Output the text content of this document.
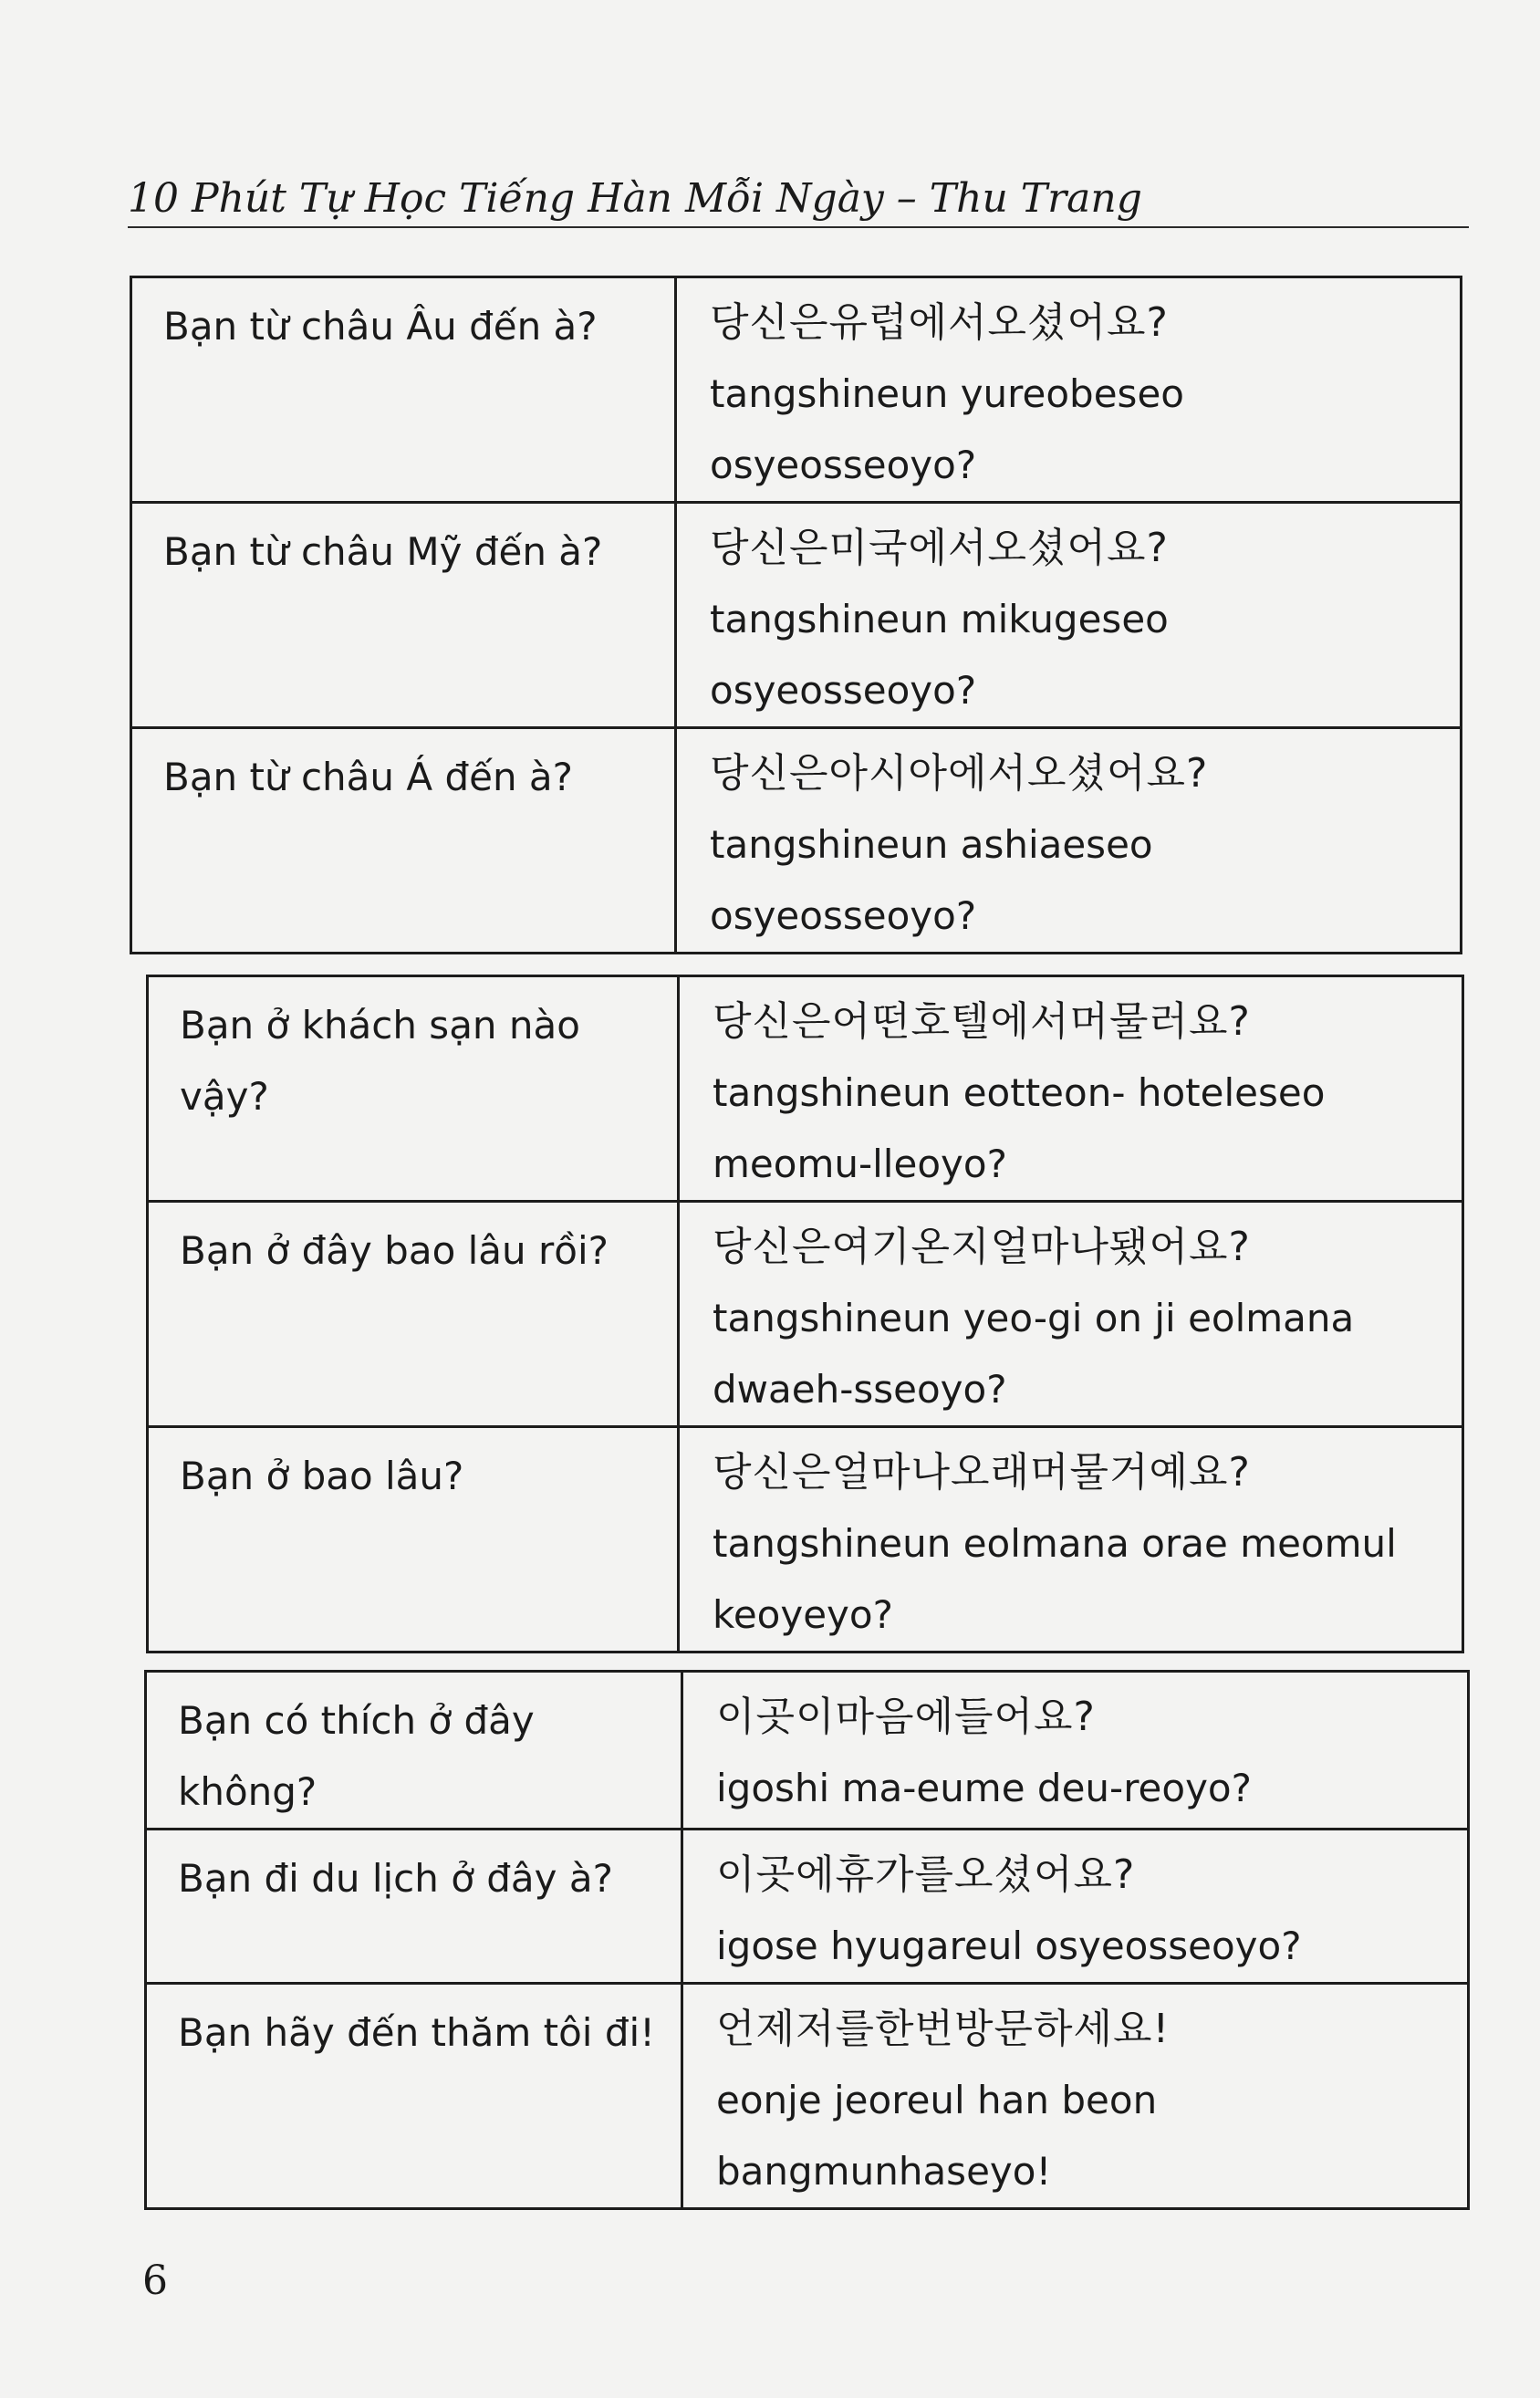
10 Phút Tự Học Tiếng Hàn Mỗi Ngày – Thu Trang
Bạn từ châu Âu đến à?	당신은유럽에서오셨어요?
tangshineun yureobeseo
osyeosseoyo?

Bạn từ châu Mỹ đến à?	당신은미국에서오셨어요?
tangshineun mikugeseo
osyeosseoyo?

Bạn từ châu Á đến à?	당신은아시아에서오셨어요?
tangshineun ashiaeseo
osyeosseoyo?
Bạn ở khách sạn nào vậy?	당신은어떤호텔에서머물러요?
tangshineun eotteon- hoteleseo
meomu-lleoyo?

Bạn ở đây bao lâu rồi?	당신은여기온지얼마나됐어요?
tangshineun yeo-gi on ji eolmana
dwaeh-sseoyo?

Bạn ở bao lâu?	당신은얼마나오래머물거예요?
tangshineun eolmana orae meomul
keoyeyo?
Bạn có thích ở đây không?	이곳이마음에들어요?
igoshi ma-eume deu-reoyo?

Bạn đi du lịch ở đây à?	이곳에휴가를오셨어요?
igose hyugareul osyeosseoyo?

Bạn hãy đến thăm tôi đi!	언제저를한번방문하세요!
eonje jeoreul han beon
bangmunhaseyo!
6
